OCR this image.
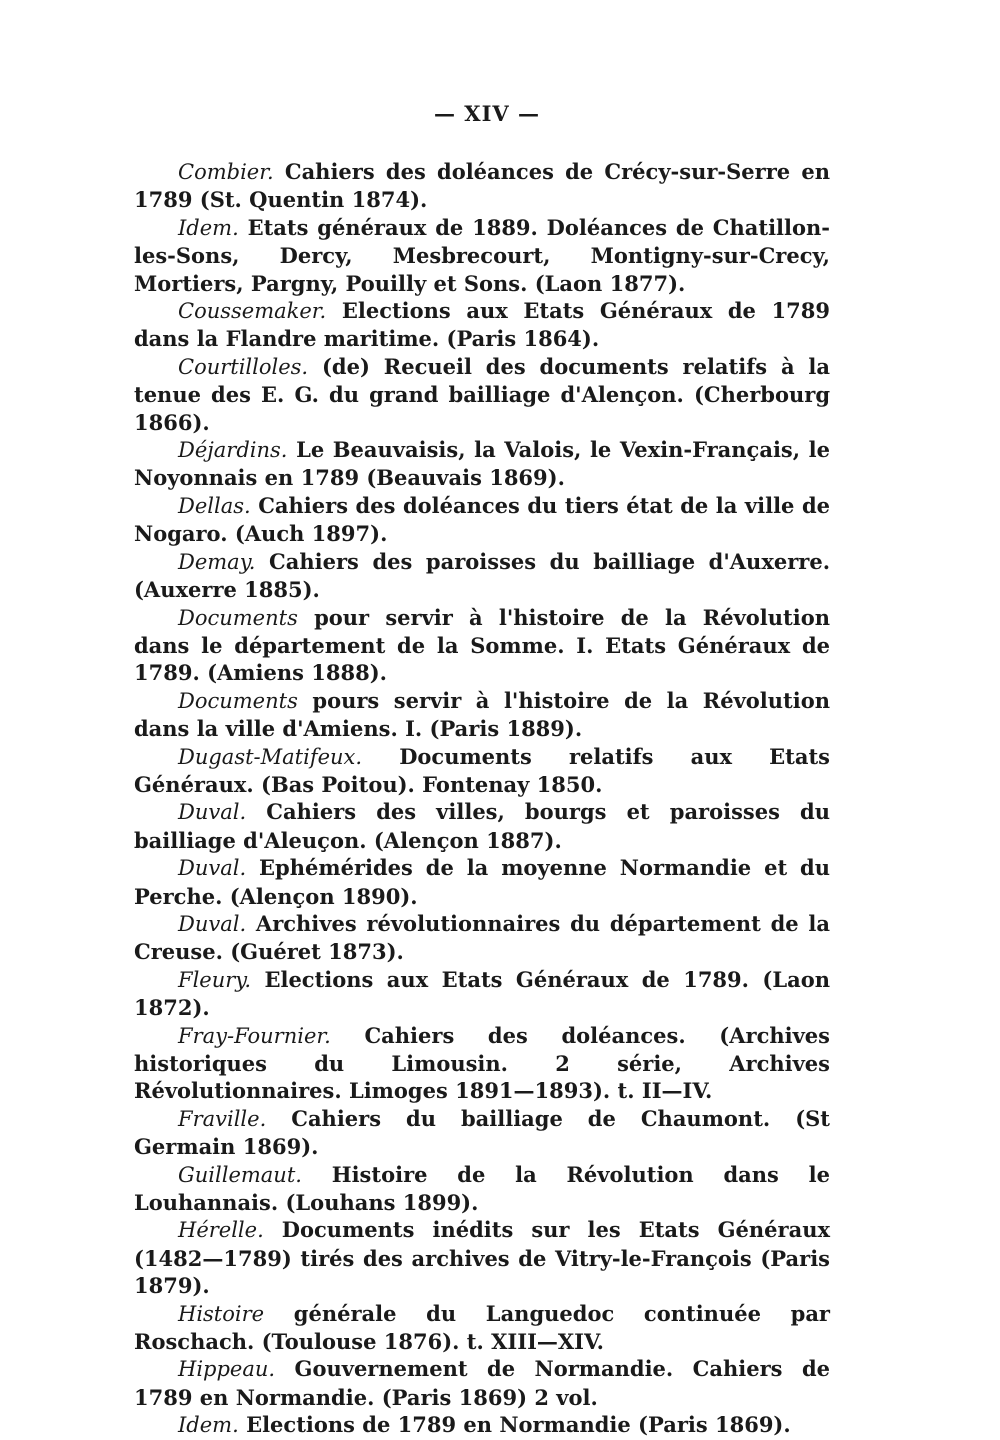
— XIV —

Combier. Cahiers des doléances de Crécy-sur-Serre en 1789 (St. Quentin 1874).

Idem. Etats généraux de 1889. Doléances de Chatillon-les-Sons, Dercy, Mesbrecourt, Montigny-sur-Crecy, Mortiers, Pargny, Pouilly et Sons. (Laon 1877).

Coussemaker. Elections aux Etats Généraux de 1789 dans la Flandre maritime. (Paris 1864).

Courtilloles. (de) Recueil des documents relatifs à la tenue des E. G. du grand bailliage d'Alençon. (Cherbourg 1866).

Déjardins. Le Beauvaisis, la Valois, le Vexin-Français, le Noyonnais en 1789 (Beauvais 1869).

Dellas. Cahiers des doléances du tiers état de la ville de Nogaro. (Auch 1897).

Demay. Cahiers des paroisses du bailliage d'Auxerre. (Auxerre 1885).

Documents pour servir à l'histoire de la Révolution dans le département de la Somme. I. Etats Généraux de 1789. (Amiens 1888).

Documents pours servir à l'histoire de la Révolution dans la ville d'Amiens. I. (Paris 1889).

Dugast-Matifeux. Documents relatifs aux Etats Généraux. (Bas Poitou). Fontenay 1850.

Duval. Cahiers des villes, bourgs et paroisses du bailliage d'Aleuçon. (Alençon 1887).

Duval. Ephémérides de la moyenne Normandie et du Perche. (Alençon 1890).

Duval. Archives révolutionnaires du département de la Creuse. (Guéret 1873).

Fleury. Elections aux Etats Généraux de 1789. (Laon 1872).

Fray-Fournier. Cahiers des doléances. (Archives historiques du Limousin. 2 série, Archives Révolutionnaires. Limoges 1891—1893). t. II—IV.

Fraville. Cahiers du bailliage de Chaumont. (St Germain 1869).

Guillemaut. Histoire de la Révolution dans le Louhannais. (Louhans 1899).

Hérelle. Documents inédits sur les Etats Généraux (1482—1789) tirés des archives de Vitry-le-François (Paris 1879).

Histoire générale du Languedoc continuée par Roschach. (Toulouse 1876). t. XIII—XIV.

Hippeau. Gouvernement de Normandie. Cahiers de 1789 en Normandie. (Paris 1869) 2 vol.

Idem. Elections de 1789 en Normandie (Paris 1869).
